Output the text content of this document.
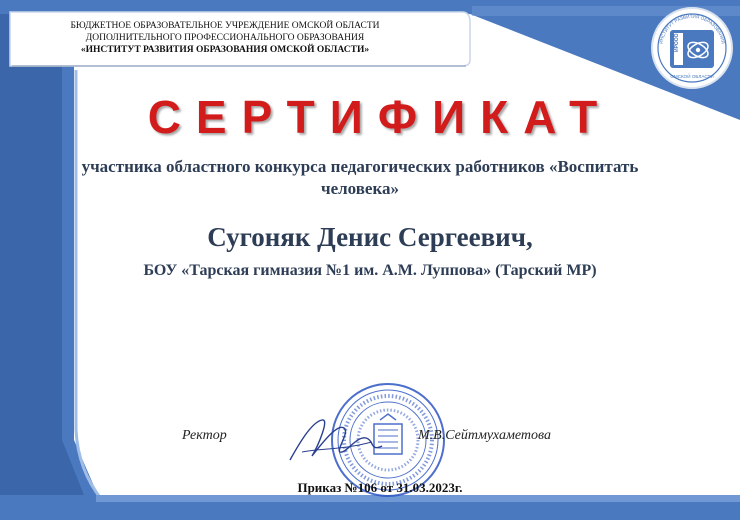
БЮДЖЕТНОЕ ОБРАЗОВАТЕЛЬНОЕ УЧРЕЖДЕНИЕ ОМСКОЙ ОБЛАСТИ
ДОПОЛНИТЕЛЬНОГО ПРОФЕССИОНАЛЬНОГО ОБРАЗОВАНИЯ
«ИНСТИТУТ РАЗВИТИЯ ОБРАЗОВАНИЯ ОМСКОЙ ОБЛАСТИ»	ИРООО
ИНСТИТУТ РАЗВИТИЯ ОБРАЗОВАНИЯ
ОМСКОЙ ОБЛАСТИ
СЕРТИФИКАТ
участника областного конкурса педагогических работников «Воспитать человека»
Сугоняк Денис Сергеевич,
БОУ «Тарская гимназия №1 им. А.М. Луппова» (Тарский МР)
Ректор	М.В.Сейтмухаметова
Приказ №106 от 31.03.2023г.
